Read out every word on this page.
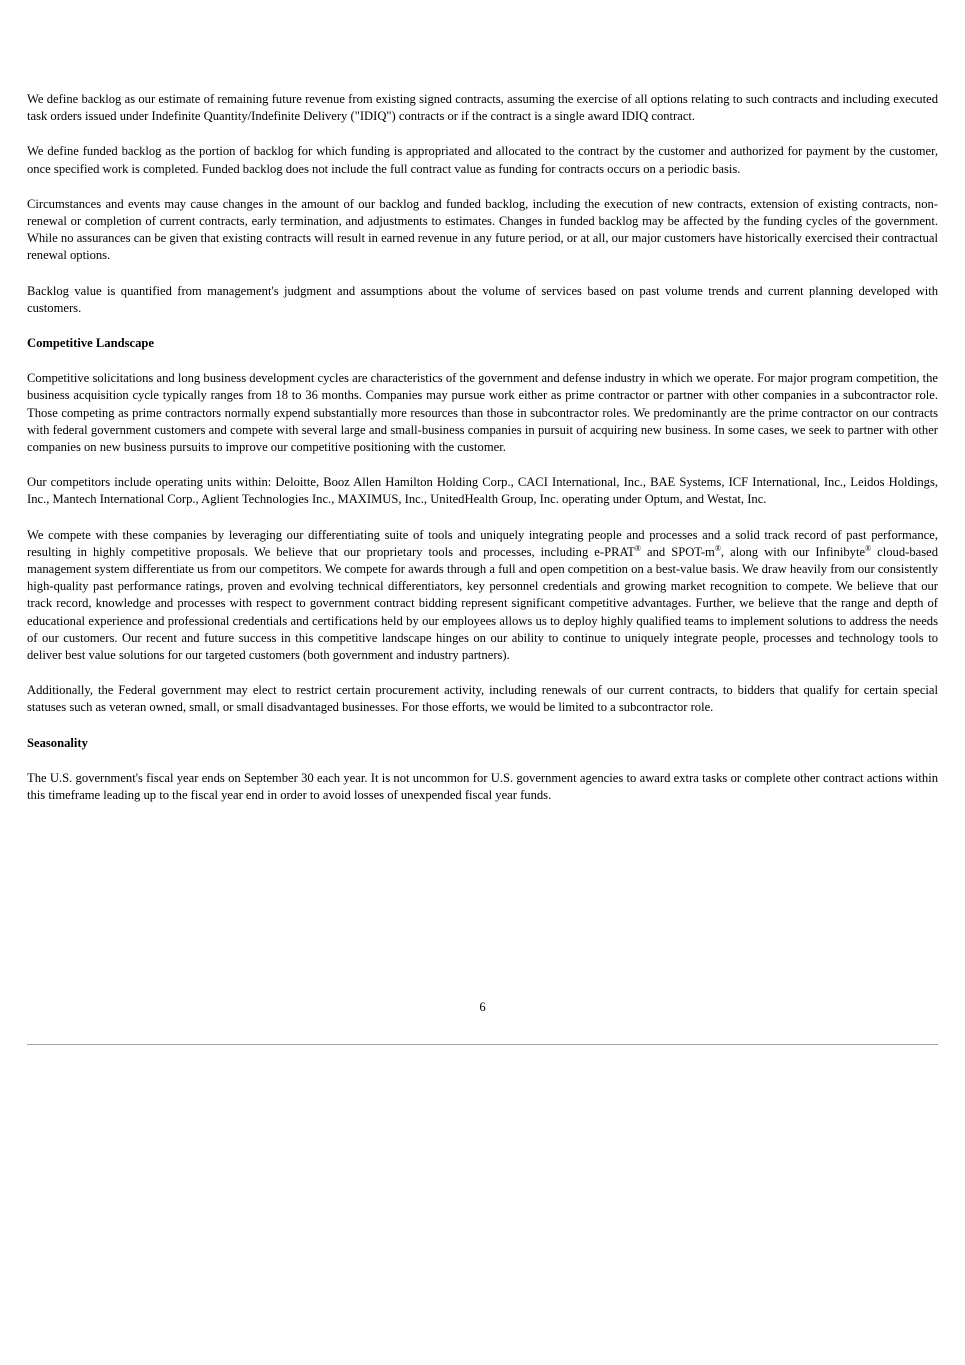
We define backlog as our estimate of remaining future revenue from existing signed contracts, assuming the exercise of all options relating to such contracts and including executed task orders issued under Indefinite Quantity/Indefinite Delivery ("IDIQ") contracts or if the contract is a single award IDIQ contract.

We define funded backlog as the portion of backlog for which funding is appropriated and allocated to the contract by the customer and authorized for payment by the customer, once specified work is completed. Funded backlog does not include the full contract value as funding for contracts occurs on a periodic basis.

Circumstances and events may cause changes in the amount of our backlog and funded backlog, including the execution of new contracts, extension of existing contracts, non-renewal or completion of current contracts, early termination, and adjustments to estimates. Changes in funded backlog may be affected by the funding cycles of the government. While no assurances can be given that existing contracts will result in earned revenue in any future period, or at all, our major customers have historically exercised their contractual renewal options.

Backlog value is quantified from management's judgment and assumptions about the volume of services based on past volume trends and current planning developed with customers.

Competitive Landscape

Competitive solicitations and long business development cycles are characteristics of the government and defense industry in which we operate. For major program competition, the business acquisition cycle typically ranges from 18 to 36 months. Companies may pursue work either as prime contractor or partner with other companies in a subcontractor role. Those competing as prime contractors normally expend substantially more resources than those in subcontractor roles. We predominantly are the prime contractor on our contracts with federal government customers and compete with several large and small-business companies in pursuit of acquiring new business. In some cases, we seek to partner with other companies on new business pursuits to improve our competitive positioning with the customer.

Our competitors include operating units within: Deloitte, Booz Allen Hamilton Holding Corp., CACI International, Inc., BAE Systems, ICF International, Inc., Leidos Holdings, Inc., Mantech International Corp., Aglient Technologies Inc., MAXIMUS, Inc., UnitedHealth Group, Inc. operating under Optum, and Westat, Inc.

We compete with these companies by leveraging our differentiating suite of tools and uniquely integrating people and processes and a solid track record of past performance, resulting in highly competitive proposals. We believe that our proprietary tools and processes, including e-PRAT® and SPOT-m®, along with our Infinibyte® cloud-based management system differentiate us from our competitors. We compete for awards through a full and open competition on a best-value basis. We draw heavily from our consistently high-quality past performance ratings, proven and evolving technical differentiators, key personnel credentials and growing market recognition to compete. We believe that our track record, knowledge and processes with respect to government contract bidding represent significant competitive advantages. Further, we believe that the range and depth of educational experience and professional credentials and certifications held by our employees allows us to deploy highly qualified teams to implement solutions to address the needs of our customers. Our recent and future success in this competitive landscape hinges on our ability to continue to uniquely integrate people, processes and technology tools to deliver best value solutions for our targeted customers (both government and industry partners).

Additionally, the Federal government may elect to restrict certain procurement activity, including renewals of our current contracts, to bidders that qualify for certain special statuses such as veteran owned, small, or small disadvantaged businesses. For those efforts, we would be limited to a subcontractor role.

Seasonality

The U.S. government's fiscal year ends on September 30 each year. It is not uncommon for U.S. government agencies to award extra tasks or complete other contract actions within this timeframe leading up to the fiscal year end in order to avoid losses of unexpended fiscal year funds.

6
